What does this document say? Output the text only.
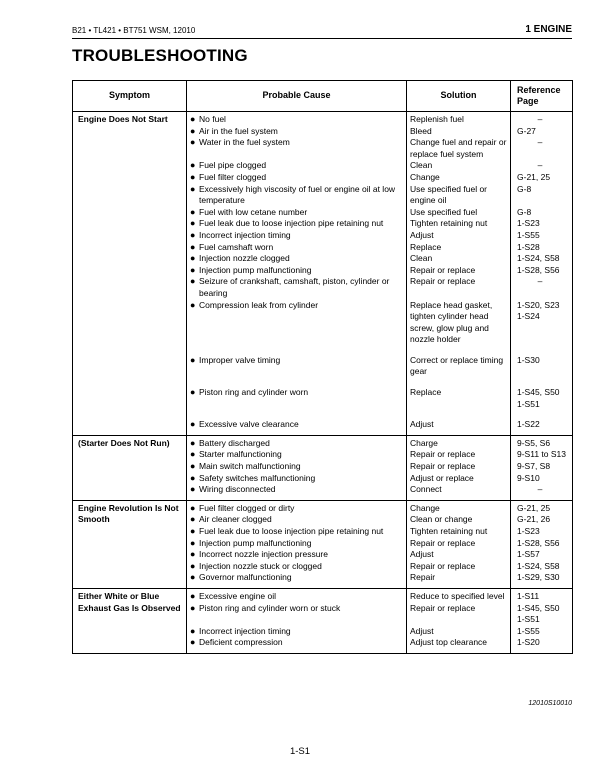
B21 • TL421 • BT751 WSM, 12010	1 ENGINE
TROUBLESHOOTING
Symptom	Probable Cause	Solution	Reference Page
Engine Does Not Start	● No fuel	Replenish fuel	–

	● Air in the fuel system	Bleed	G-27

	● Water in the fuel system	Change fuel and repair or replace fuel system	–

	● Fuel pipe clogged	Clean	–

	● Fuel filter clogged	Change	G-21, 25

	● Excessively high viscosity of fuel or engine oil at low temperature	Use specified fuel or engine oil	G-8

	● Fuel with low cetane number	Use specified fuel	G-8

	● Fuel leak due to loose injection pipe retaining nut	Tighten retaining nut	1-S23

	● Incorrect injection timing	Adjust	1-S55

	● Fuel camshaft worn	Replace	1-S28

	● Injection nozzle clogged	Clean	1-S24, S58

	● Injection pump malfunctioning	Repair or replace	1-S28, S56

	● Seizure of crankshaft, camshaft, piston, cylinder or bearing	Repair or replace	–

	● Compression leak from cylinder	Replace head gasket, tighten cylinder head screw, glow plug and nozzle holder	1-S20, S23 1-S24

	● Improper valve timing	Correct or replace timing gear	1-S30

	● Piston ring and cylinder worn	Replace	1-S45, S50 1-S51

	● Excessive valve clearance	Adjust	1-S22
(Starter Does Not Run)	● Battery discharged	Charge	9-S5, S6

	● Starter malfunctioning	Repair or replace	9-S11 to S13

	● Main switch malfunctioning	Repair or replace	9-S7, S8

	● Safety switches malfunctioning	Adjust or replace	9-S10

	● Wiring disconnected	Connect	–
Engine Revolution Is Not Smooth	● Fuel filter clogged or dirty	Change	G-21, 25

	● Air cleaner clogged	Clean or change	G-21, 26

	● Fuel leak due to loose injection pipe retaining nut	Tighten retaining nut	1-S23

	● Injection pump malfunctioning	Repair or replace	1-S28, S56

	● Incorrect nozzle injection pressure	Adjust	1-S57

	● Injection nozzle stuck or clogged	Repair or replace	1-S24, S58

	● Governor malfunctioning	Repair	1-S29, S30
Either White or Blue Exhaust Gas Is Observed	● Excessive engine oil	Reduce to specified level	1-S11

	● Piston ring and cylinder worn or stuck	Repair or replace	1-S45, S50 1-S51

	● Incorrect injection timing	Adjust	1-S55

	● Deficient compression	Adjust top clearance	1-S20
12010S10010
1-S1
